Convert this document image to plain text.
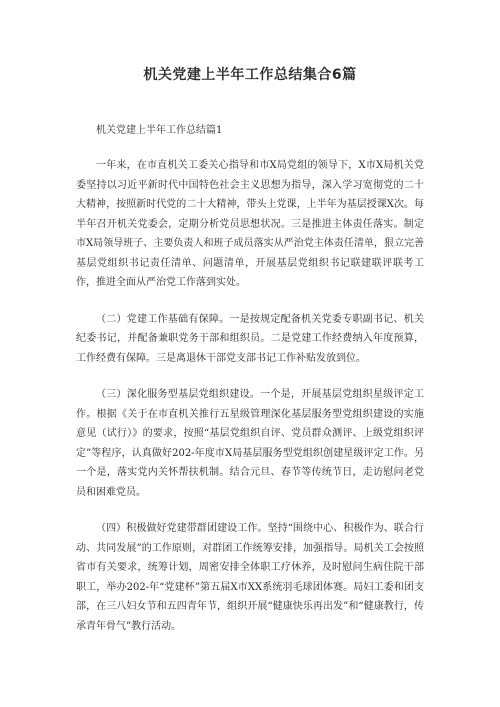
机关党建上半年工作总结集合6篇

机关党建上半年工作总结篇1

一年来，在市直机关工委关心指导和市X局党组的领导下，X市X局机关党委坚持以习近平新时代中国特色社会主义思想为指导，深入学习宽彻党的二十大精神，按照新时代党的二十大精神，带头上党课，上半年为基层授课X次。每半年召开机关党委会，定期分析党员思想状况。三是推进主体责任落实。制定市X局领导班子、主要负责人和班子成员落实从严治党主体责任清单，狠立完善基层党组织书记责任清单、问题清单，开展基层党组织书记联建联评联考工作，推进全面从严治党工作落到实处。

（二）党建工作基础有保障。一是按规定配备机关党委专职副书记、机关纪委书记，并配备兼职党务干部和组织员。二是党建工作经费纳入年度预算，工作经费有保障。三是离退休干部党支部书记工作补贴发放到位。

（三）深化服务型基层党组织建设。一个是，开展基层党组织星级评定工作。根据《关于在市直机关推行五星级管理深化基层服务型党组织建设的实施意见（试行）》的要求，按照“基层党组织自评、党员群众测评、上级党组织评定”等程序，认真做好202-年度市X局基层服务型党组织创建星级评定工作。另一个是，落实党内关怀帮扶机制。结合元旦、春节等传统节日，走访慰问老党员和困难党员。

（四）积极做好党建带群团建设工作。坚持“围绕中心、积极作为、联合行动、共同发展”的工作原则，对群团工作统筹安排，加强指导。局机关工会按照省市有关要求，统筹计划，周密安排全体职工疗休养，及时慰问生病住院干部职工，举办202-年“党建杯”第五届X市XX系统羽毛球团体赛。局妇工委和团支部，在三八妇女节和五四青年节，组织开展“健康快乐再出发”和“健康教行，传承青年骨气”教行活动。
